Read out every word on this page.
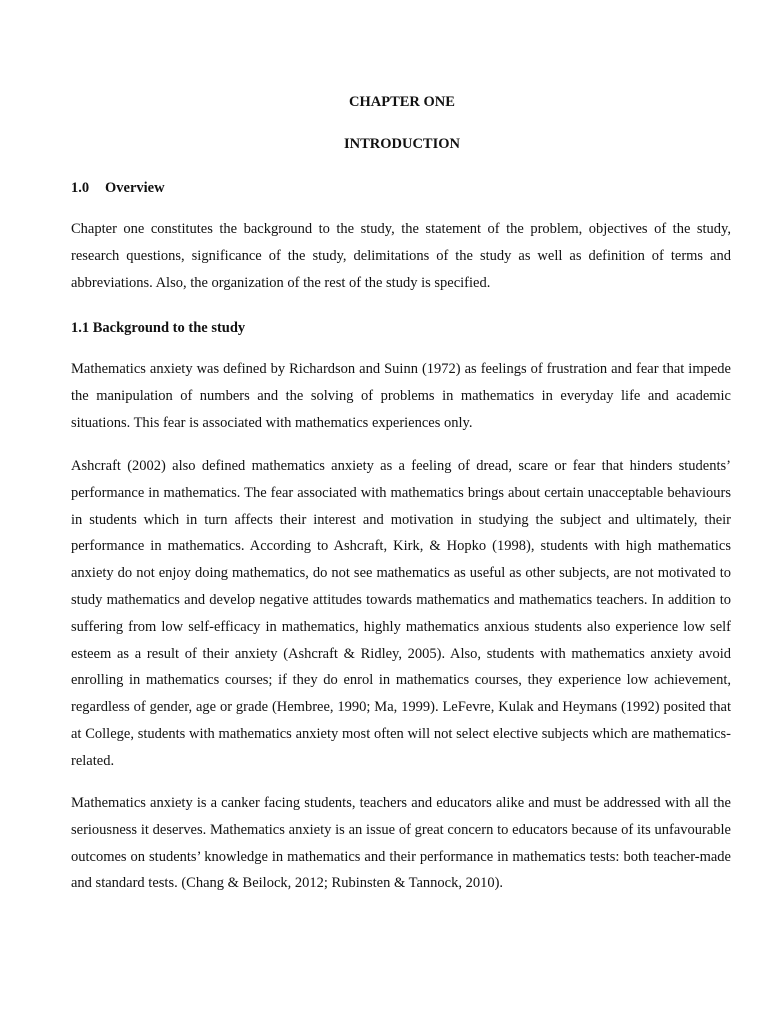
CHAPTER ONE
INTRODUCTION
1.0 Overview

Chapter one constitutes the background to the study, the statement of the problem, objectives of the study, research questions, significance of the study, delimitations of the study as well as definition of terms and abbreviations. Also, the organization of the rest of the study is specified.

1.1 Background to the study

Mathematics anxiety was defined by Richardson and Suinn (1972) as feelings of frustration and fear that impede the manipulation of numbers and the solving of problems in mathematics in everyday life and academic situations. This fear is associated with mathematics experiences only.

Ashcraft (2002) also defined mathematics anxiety as a feeling of dread, scare or fear that hinders students’ performance in mathematics. The fear associated with mathematics brings about certain unacceptable behaviours in students which in turn affects their interest and motivation in studying the subject and ultimately, their performance in mathematics. According to Ashcraft, Kirk, & Hopko (1998), students with high mathematics anxiety do not enjoy doing mathematics, do not see mathematics as useful as other subjects, are not motivated to study mathematics and develop negative attitudes towards mathematics and mathematics teachers. In addition to suffering from low self-efficacy in mathematics, highly mathematics anxious students also experience low self esteem as a result of their anxiety (Ashcraft & Ridley, 2005). Also, students with mathematics anxiety avoid enrolling in mathematics courses; if they do enrol in mathematics courses, they experience low achievement, regardless of gender, age or grade (Hembree, 1990; Ma, 1999). LeFevre, Kulak and Heymans (1992) posited that at College, students with mathematics anxiety most often will not select elective subjects which are mathematics-related.

Mathematics anxiety is a canker facing students, teachers and educators alike and must be addressed with all the seriousness it deserves. Mathematics anxiety is an issue of great concern to educators because of its unfavourable outcomes on students’ knowledge in mathematics and their performance in mathematics tests: both teacher-made and standard tests. (Chang & Beilock, 2012; Rubinsten & Tannock, 2010).
